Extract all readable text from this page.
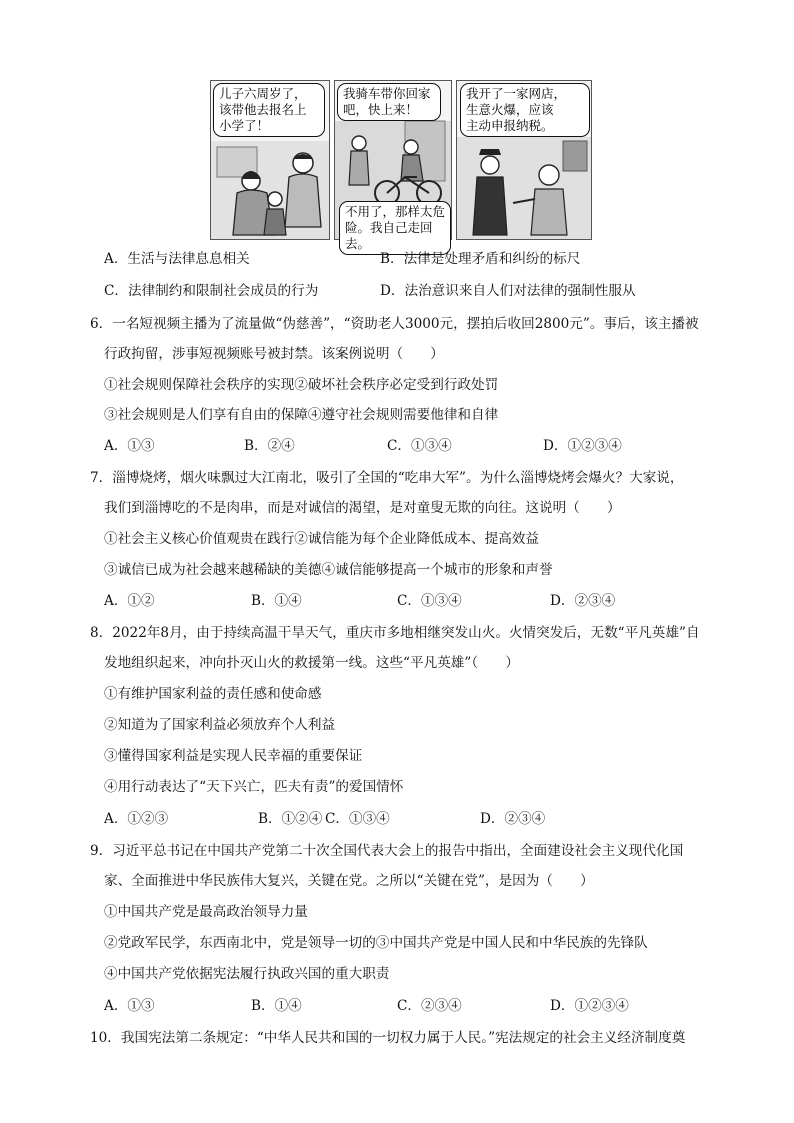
儿子六周岁了，
该带他去报名上
小学了！
我骑车带你回家
吧，快上来！
不用了，那样太危
险。我自己走回去。
我开了一家网店，
生意火爆，应该
主动申报纳税。
A．生活与法律息息相关	B．法律是处理矛盾和纠纷的标尺
C．法律制约和限制社会成员的行为	D．法治意识来自人们对法律的强制性服从
6．一名短视频主播为了流量做“伪慈善”，“资助老人3000元，摆拍后收回2800元”。事后，该主播被
行政拘留，涉事短视频账号被封禁。该案例说明（　　）
①社会规则保障社会秩序的实现②破坏社会秩序必定受到行政处罚
③社会规则是人们享有自由的保障④遵守社会规则需要他律和自律
A．①③	B．②④	C．①③④	D．①②③④
7．淄博烧烤，烟火味飘过大江南北，吸引了全国的“吃串大军”。为什么淄博烧烤会爆火？大家说，
我们到淄博吃的不是肉串，而是对诚信的渴望，是对童叟无欺的向往。这说明（　　）
①社会主义核心价值观贵在践行②诚信能为每个企业降低成本、提高效益
③诚信已成为社会越来越稀缺的美德④诚信能够提高一个城市的形象和声誉
A．①②	B．①④	C．①③④	D．②③④
8．2022年8月，由于持续高温干旱天气，重庆市多地相继突发山火。火情突发后，无数“平凡英雄”自
发地组织起来，冲向扑灭山火的救援第一线。这些“平凡英雄”（　　）
①有维护国家利益的责任感和使命感
②知道为了国家利益必须放弃个人利益
③懂得国家利益是实现人民幸福的重要保证
④用行动表达了“天下兴亡，匹夫有责”的爱国情怀
A．①②③	B．①②④ C．①③④	D．②③④
9．习近平总书记在中国共产党第二十次全国代表大会上的报告中指出，全面建设社会主义现代化国
家、全面推进中华民族伟大复兴，关键在党。之所以“关键在党”，是因为（　　）
①中国共产党是最高政治领导力量
②党政军民学，东西南北中，党是领导一切的③中国共产党是中国人民和中华民族的先锋队
④中国共产党依据宪法履行执政兴国的重大职责
A．①③	B．①④	C．②③④	D．①②③④
10．我国宪法第二条规定：“中华人民共和国的一切权力属于人民。”宪法规定的社会主义经济制度奠
